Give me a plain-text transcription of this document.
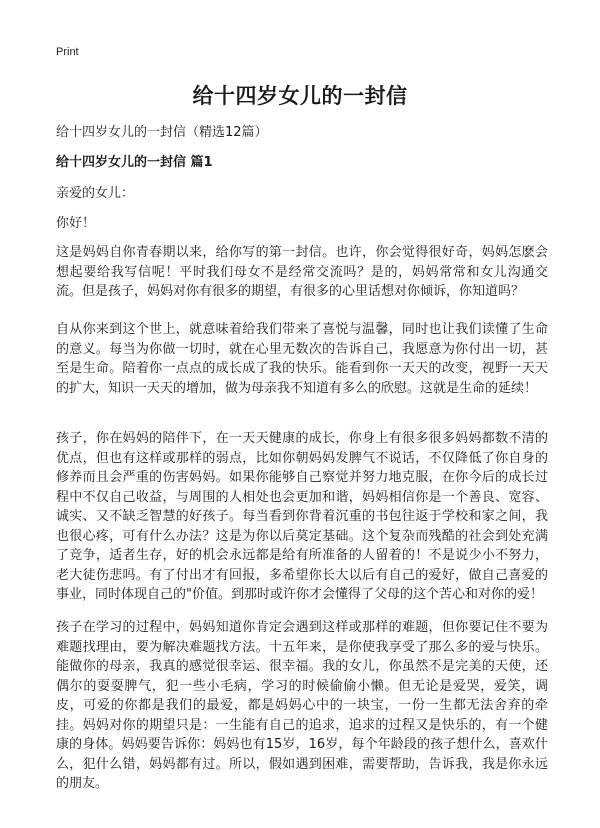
Print
给十四岁女儿的一封信
给十四岁女儿的一封信（精选12篇）
给十四岁女儿的一封信 篇1
亲爱的女儿：
你好！

这是妈妈自你青春期以来，给你写的第一封信。也许，你会觉得很好奇，妈妈怎麽会想起要给我写信呢！平时我们母女不是经常交流吗？是的，妈妈常常和女儿沟通交流。但是孩子，妈妈对你有很多的期望，有很多的心里话想对你倾诉，你知道吗？

自从你来到这个世上，就意味着给我们带来了喜悦与温馨，同时也让我们读懂了生命的意义。每当为你做一切时，就在心里无数次的告诉自己，我愿意为你付出一切，甚至是生命。陪着你一点点的成长成了我的快乐。能看到你一天天的改变，视野一天天的扩大，知识一天天的增加，做为母亲我不知道有多么的欣慰。这就是生命的延续！

孩子，你在妈妈的陪伴下，在一天天健康的成长，你身上有很多很多妈妈都数不清的优点，但也有这样或那样的弱点，比如你朝妈妈发脾气不说话，不仅降低了你自身的修养而且会严重的伤害妈妈。如果你能够自己察觉并努力地克服，在你今后的成长过程中不仅自己收益，与周围的人相处也会更加和谐，妈妈相信你是一个善良、宽容、诚实、又不缺乏智慧的好孩子。每当看到你背着沉重的书包往返于学校和家之间，我也很心疼，可有什么办法？这是为你以后莫定基础。这个复杂而残酷的社会到处充满了竞争，适者生存，好的机会永远都是给有所准备的人留着的！不是说少小不努力，老大徒伤悲吗。有了付出才有回报，多希望你长大以后有自己的爱好，做自己喜爱的事业，同时体现自己的"价值。到那时或许你才会懂得了父母的这个苦心和对你的爱！

孩子在学习的过程中，妈妈知道你肯定会遇到这样或那样的难题，但你要记住不要为难题找理由，要为解决难题找方法。十五年来，是你使我享受了那么多的爱与快乐。能做你的母亲，我真的感觉很幸运、很幸福。我的女儿，你虽然不是完美的天使，还偶尔的耍耍脾气，犯一些小毛病，学习的时候偷偷小懒。但无论是爱哭，爱笑，调皮，可爱的你都是我们的最爱，都是妈妈心中的一块宝，一份一生都无法舍弃的牵挂。妈妈对你的期望只是：一生能有自己的追求，追求的过程又是快乐的，有一个健康的身体。妈妈要告诉你：妈妈也有15岁，16岁，每个年龄段的孩子想什么，喜欢什么，犯什么错，妈妈都有过。所以，假如遇到困难，需要帮助，告诉我，我是你永远的朋友。
